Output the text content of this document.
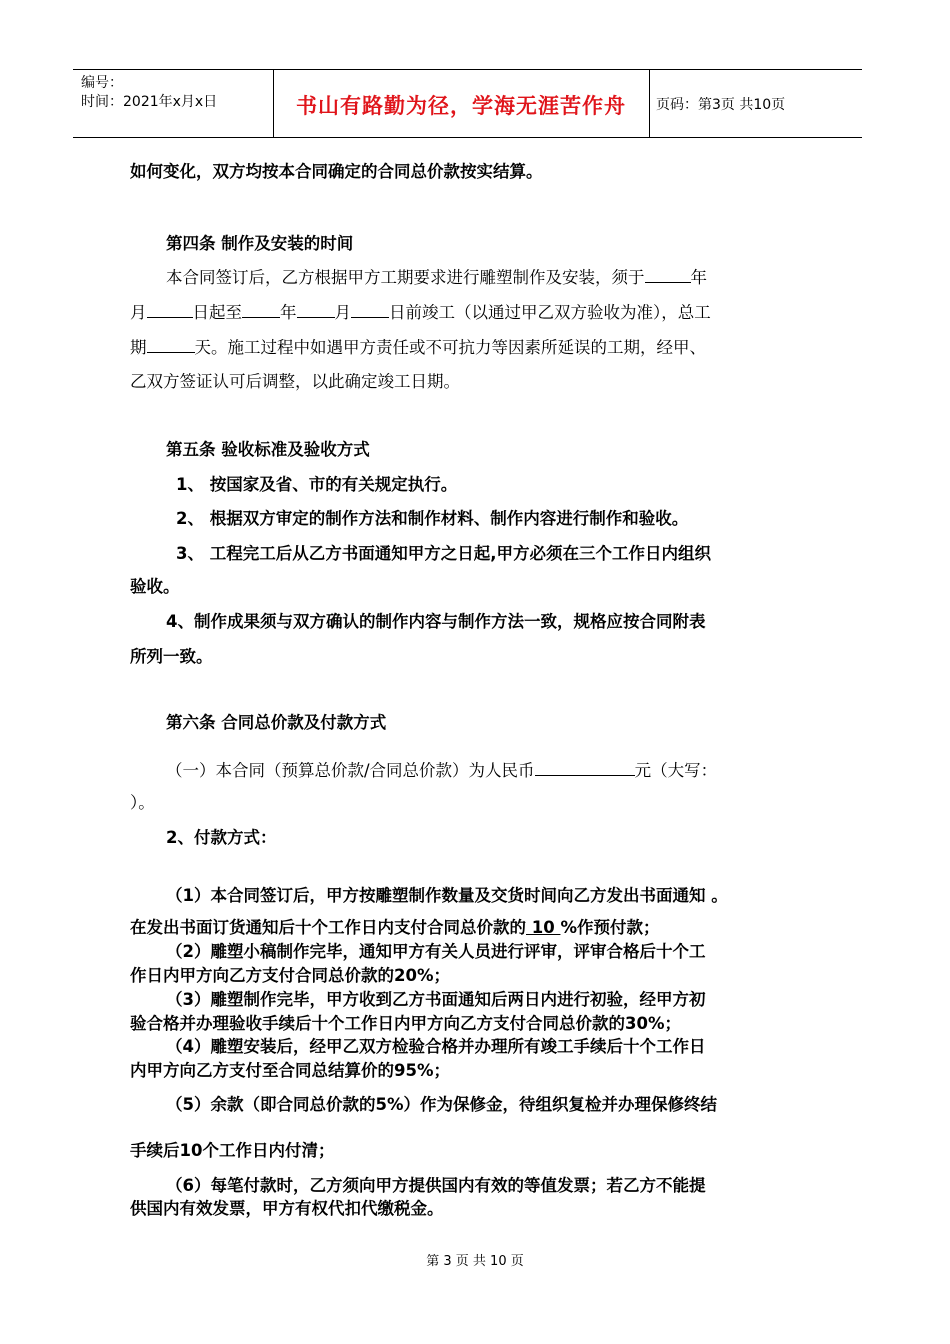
编号：
时间：2021年x月x日	书山有路勤为径，学海无涯苦作舟	页码：第3页 共10页
如何变化，双方均按本合同确定的合同总价款按实结算。
第四条 制作及安装的时间
本合同签订后，乙方根据甲方工期要求进行雕塑制作及安装，须于	年
月	日起至 年 月 日前竣工（以通过甲乙双方验收为准），总工
期	天。施工过程中如遇甲方责任或不可抗力等因素所延误的工期，经甲、
乙双方签证认可后调整，以此确定竣工日期。
第五条 验收标准及验收方式
1、 按国家及省、市的有关规定执行。
2、 根据双方审定的制作方法和制作材料、制作内容进行制作和验收。
3、 工程完工后从乙方书面通知甲方之日起,甲方必须在三个工作日内组织
验收。
4、制作成果须与双方确认的制作内容与制作方法一致，规格应按合同附表
所列一致。
第六条 合同总价款及付款方式
（一）本合同（预算总价款/合同总价款）为人民币	元（大写：
）。
2、付款方式：
（1）本合同签订后，甲方按雕塑制作数量及交货时间向乙方发出书面通知 。
在发出书面订货通知后十个工作日内支付合同总价款的 10 %作预付款；
（2）雕塑小稿制作完毕，通知甲方有关人员进行评审，评审合格后十个工
作日内甲方向乙方支付合同总价款的20%；
（3）雕塑制作完毕，甲方收到乙方书面通知后两日内进行初验，经甲方初
验合格并办理验收手续后十个工作日内甲方向乙方支付合同总价款的30%；
（4）雕塑安装后，经甲乙双方检验合格并办理所有竣工手续后十个工作日
内甲方向乙方支付至合同总结算价的95%；
（5）余款（即合同总价款的5%）作为保修金，待组织复检并办理保修终结
手续后10个工作日内付清；
（6）每笔付款时，乙方须向甲方提供国内有效的等值发票；若乙方不能提
供国内有效发票，甲方有权代扣代缴税金。
第 3 页 共 10 页
